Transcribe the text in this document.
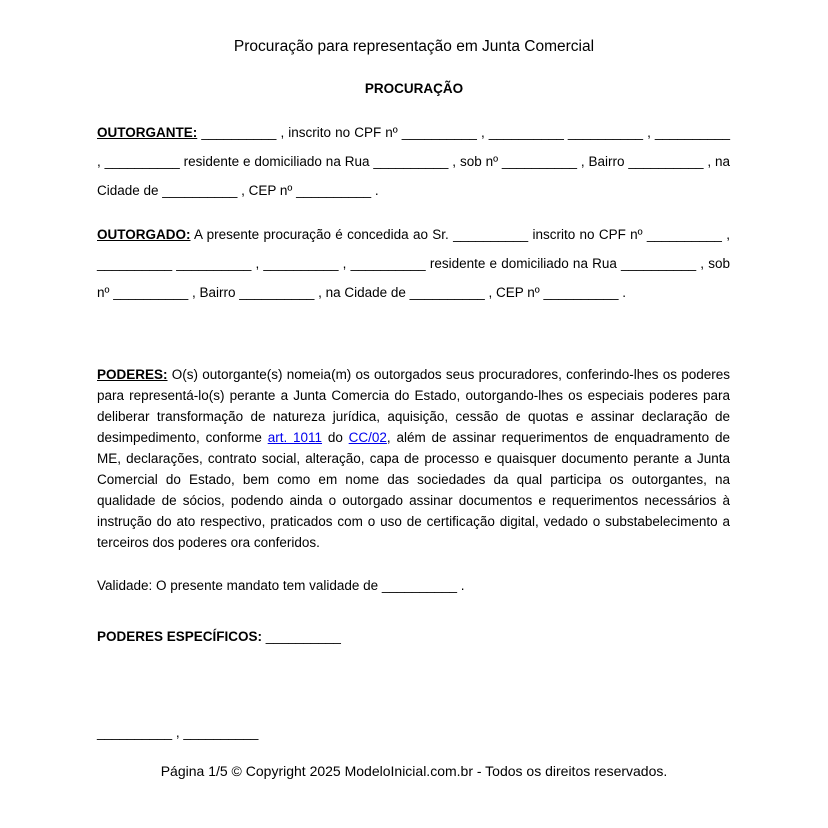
Procuração para representação em Junta Comercial
PROCURAÇÃO

OUTORGANTE: __________ , inscrito no CPF nº __________ , __________ __________ , __________ , __________ residente e domiciliado na Rua __________ , sob nº __________ , Bairro __________ , na Cidade de __________ , CEP nº __________ .

OUTORGADO: A presente procuração é concedida ao Sr. __________ inscrito no CPF nº __________ , __________ __________ , __________ , __________ residente e domiciliado na Rua __________ , sob nº __________ , Bairro __________ , na Cidade de __________ , CEP nº __________ .

PODERES: O(s) outorgante(s) nomeia(m) os outorgados seus procuradores, conferindo-lhes os poderes para representá-lo(s) perante a Junta Comercia do Estado, outorgando-lhes os especiais poderes para deliberar transformação de natureza jurídica, aquisição, cessão de quotas e assinar declaração de desimpedimento, conforme art. 1011 do CC/02, além de assinar requerimentos de enquadramento de ME, declarações, contrato social, alteração, capa de processo e quaisquer documento perante a Junta Comercial do Estado, bem como em nome das sociedades da qual participa os outorgantes, na qualidade de sócios, podendo ainda o outorgado assinar documentos e requerimentos necessários à instrução do ato respectivo, praticados com o uso de certificação digital, vedado o substabelecimento a terceiros dos poderes ora conferidos.

Validade: O presente mandato tem validade de __________ .

PODERES ESPECÍFICOS: __________

__________ , __________

Página 1/5 © Copyright 2025 ModeloInicial.com.br - Todos os direitos reservados.
